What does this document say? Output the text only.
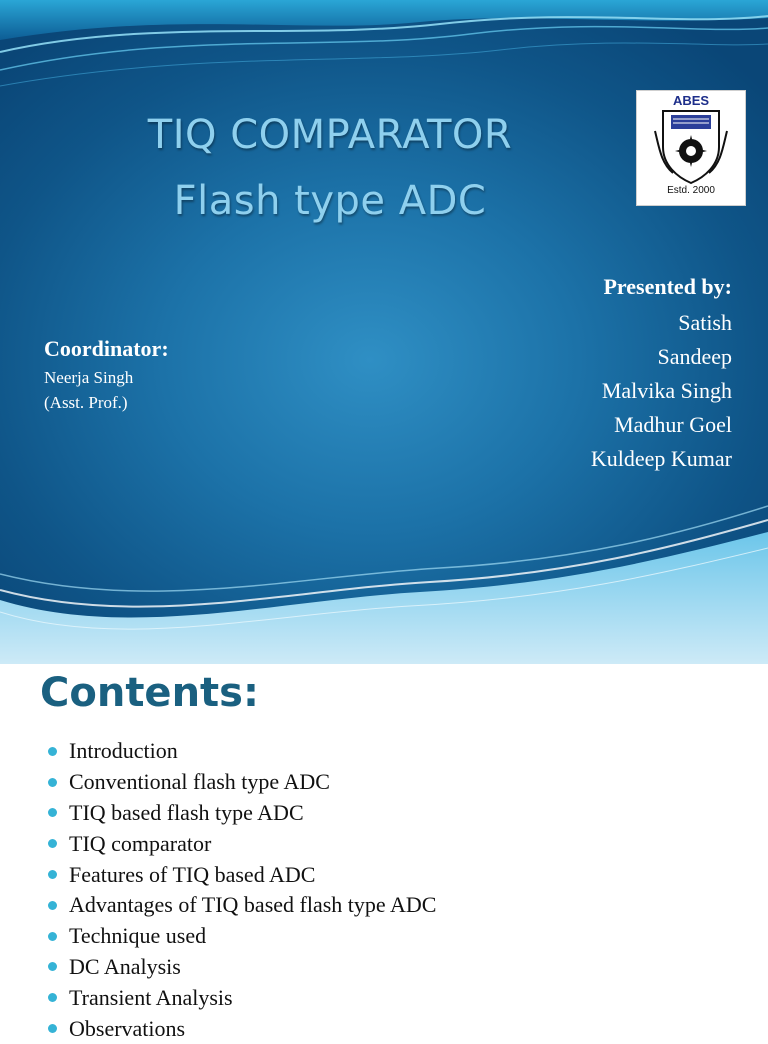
TIQ COMPARATOR
Flash type ADC
ABES
Estd. 2000
Presented by:
Satish
Sandeep
Malvika Singh
Madhur Goel
Kuldeep Kumar
Coordinator:
Neerja Singh
(Asst. Prof.)
Contents:
Introduction
Conventional flash type ADC
TIQ based flash type ADC
TIQ comparator
Features of TIQ based ADC
Advantages of TIQ based flash type ADC
Technique used
DC Analysis
Transient Analysis
Observations
